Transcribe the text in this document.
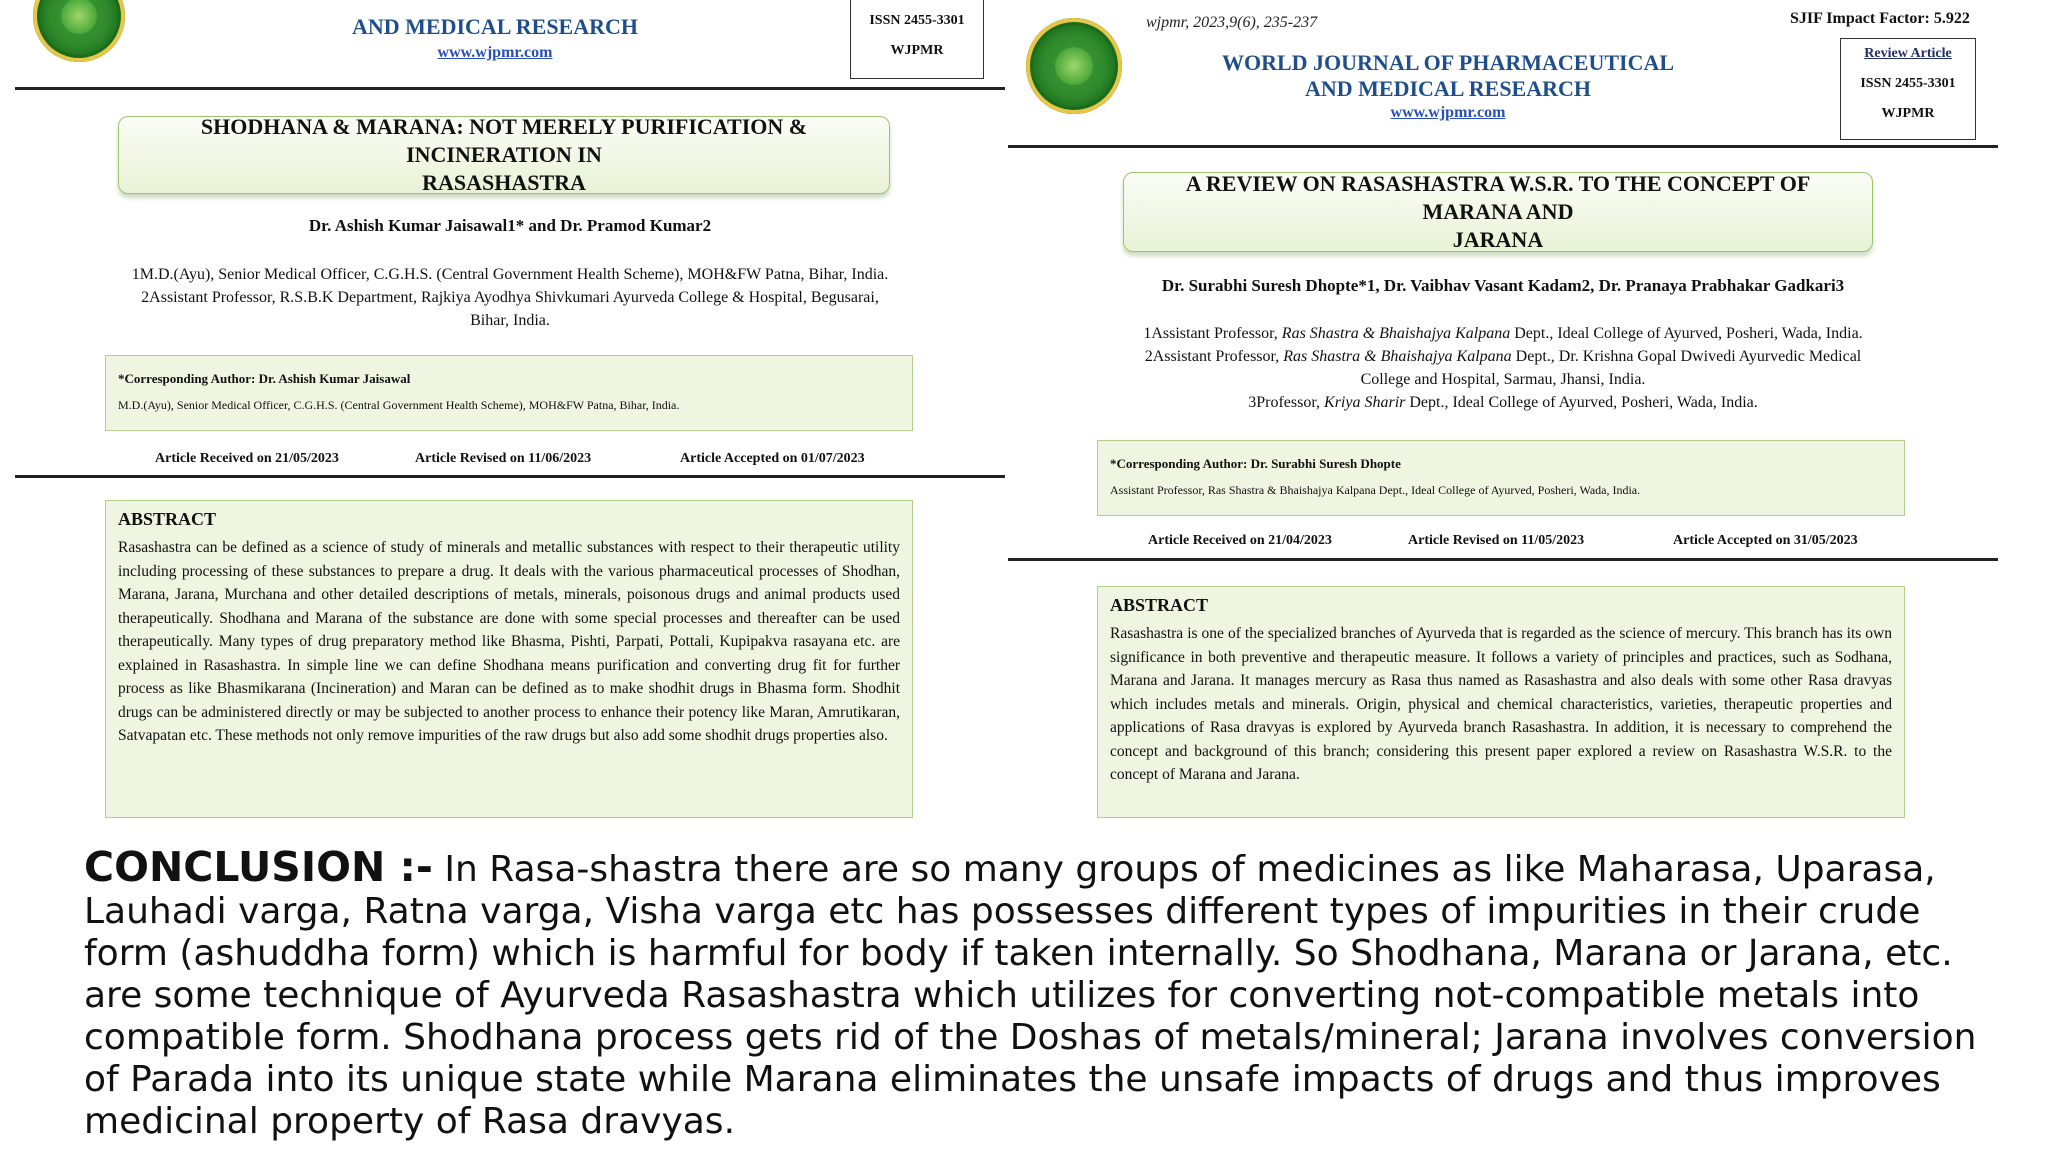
AND MEDICAL RESEARCH
www.wjpmr.com
ISSN 2455-3301
WJPMR
SHODHANA & MARANA: NOT MERELY PURIFICATION & INCINERATION IN
RASASHASTRA
Dr. Ashish Kumar Jaisawal1* and Dr. Pramod Kumar2
1M.D.(Ayu), Senior Medical Officer, C.G.H.S. (Central Government Health Scheme), MOH&FW Patna, Bihar, India.
2Assistant Professor, R.S.B.K Department, Rajkiya Ayodhya Shivkumari Ayurveda College & Hospital, Begusarai,
Bihar, India.
*Corresponding Author: Dr. Ashish Kumar Jaisawal
M.D.(Ayu), Senior Medical Officer, C.G.H.S. (Central Government Health Scheme), MOH&FW Patna, Bihar, India.
Article Received on 21/05/2023	Article Revised on 11/06/2023	Article Accepted on 01/07/2023
ABSTRACT

Rasashastra can be defined as a science of study of minerals and metallic substances with respect to their therapeutic utility including processing of these substances to prepare a drug. It deals with the various pharmaceutical processes of Shodhan, Marana, Jarana, Murchana and other detailed descriptions of metals, minerals, poisonous drugs and animal products used therapeutically. Shodhana and Marana of the substance are done with some special processes and thereafter can be used therapeutically. Many types of drug preparatory method like Bhasma, Pishti, Parpati, Pottali, Kupipakva rasayana etc. are explained in Rasashastra. In simple line we can define Shodhana means purification and converting drug fit for further process as like Bhasmikarana (Incineration) and Maran can be defined as to make shodhit drugs in Bhasma form. Shodhit drugs can be administered directly or may be subjected to another process to enhance their potency like Maran, Amrutikaran, Satvapatan etc. These methods not only remove impurities of the raw drugs but also add some shodhit drugs properties also.

wjpmr, 2023,9(6), 235-237	SJIF Impact Factor: 5.922
WORLD JOURNAL OF PHARMACEUTICAL
AND MEDICAL RESEARCH
www.wjpmr.com
Review Article
ISSN 2455-3301
WJPMR
A REVIEW ON RASASHASTRA W.S.R. TO THE CONCEPT OF MARANA AND
JARANA
Dr. Surabhi Suresh Dhopte*1, Dr. Vaibhav Vasant Kadam2, Dr. Pranaya Prabhakar Gadkari3
1Assistant Professor, Ras Shastra & Bhaishajya Kalpana Dept., Ideal College of Ayurved, Posheri, Wada, India.
2Assistant Professor, Ras Shastra & Bhaishajya Kalpana Dept., Dr. Krishna Gopal Dwivedi Ayurvedic Medical
College and Hospital, Sarmau, Jhansi, India.
3Professor, Kriya Sharir Dept., Ideal College of Ayurved, Posheri, Wada, India.
*Corresponding Author: Dr. Surabhi Suresh Dhopte
Assistant Professor, Ras Shastra & Bhaishajya Kalpana Dept., Ideal College of Ayurved, Posheri, Wada, India.
Article Received on 21/04/2023	Article Revised on 11/05/2023	Article Accepted on 31/05/2023
ABSTRACT

Rasashastra is one of the specialized branches of Ayurveda that is regarded as the science of mercury. This branch has its own significance in both preventive and therapeutic measure. It follows a variety of principles and practices, such as Sodhana, Marana and Jarana. It manages mercury as Rasa thus named as Rasashastra and also deals with some other Rasa dravyas which includes metals and minerals. Origin, physical and chemical characteristics, varieties, therapeutic properties and applications of Rasa dravyas is explored by Ayurveda branch Rasashastra. In addition, it is necessary to comprehend the concept and background of this branch; considering this present paper explored a review on Rasashastra W.S.R. to the concept of Marana and Jarana.

CONCLUSION :- In Rasa-shastra there are so many groups of medicines as like Maharasa, Uparasa, Lauhadi varga, Ratna varga, Visha varga etc has possesses different types of impurities in their crude form (ashuddha form) which is harmful for body if taken internally. So Shodhana, Marana or Jarana, etc. are some technique of Ayurveda Rasashastra which utilizes for converting not-compatible metals into compatible form. Shodhana process gets rid of the Doshas of metals/mineral; Jarana involves conversion of Parada into its unique state while Marana eliminates the unsafe impacts of drugs and thus improves medicinal property of Rasa dravyas.
